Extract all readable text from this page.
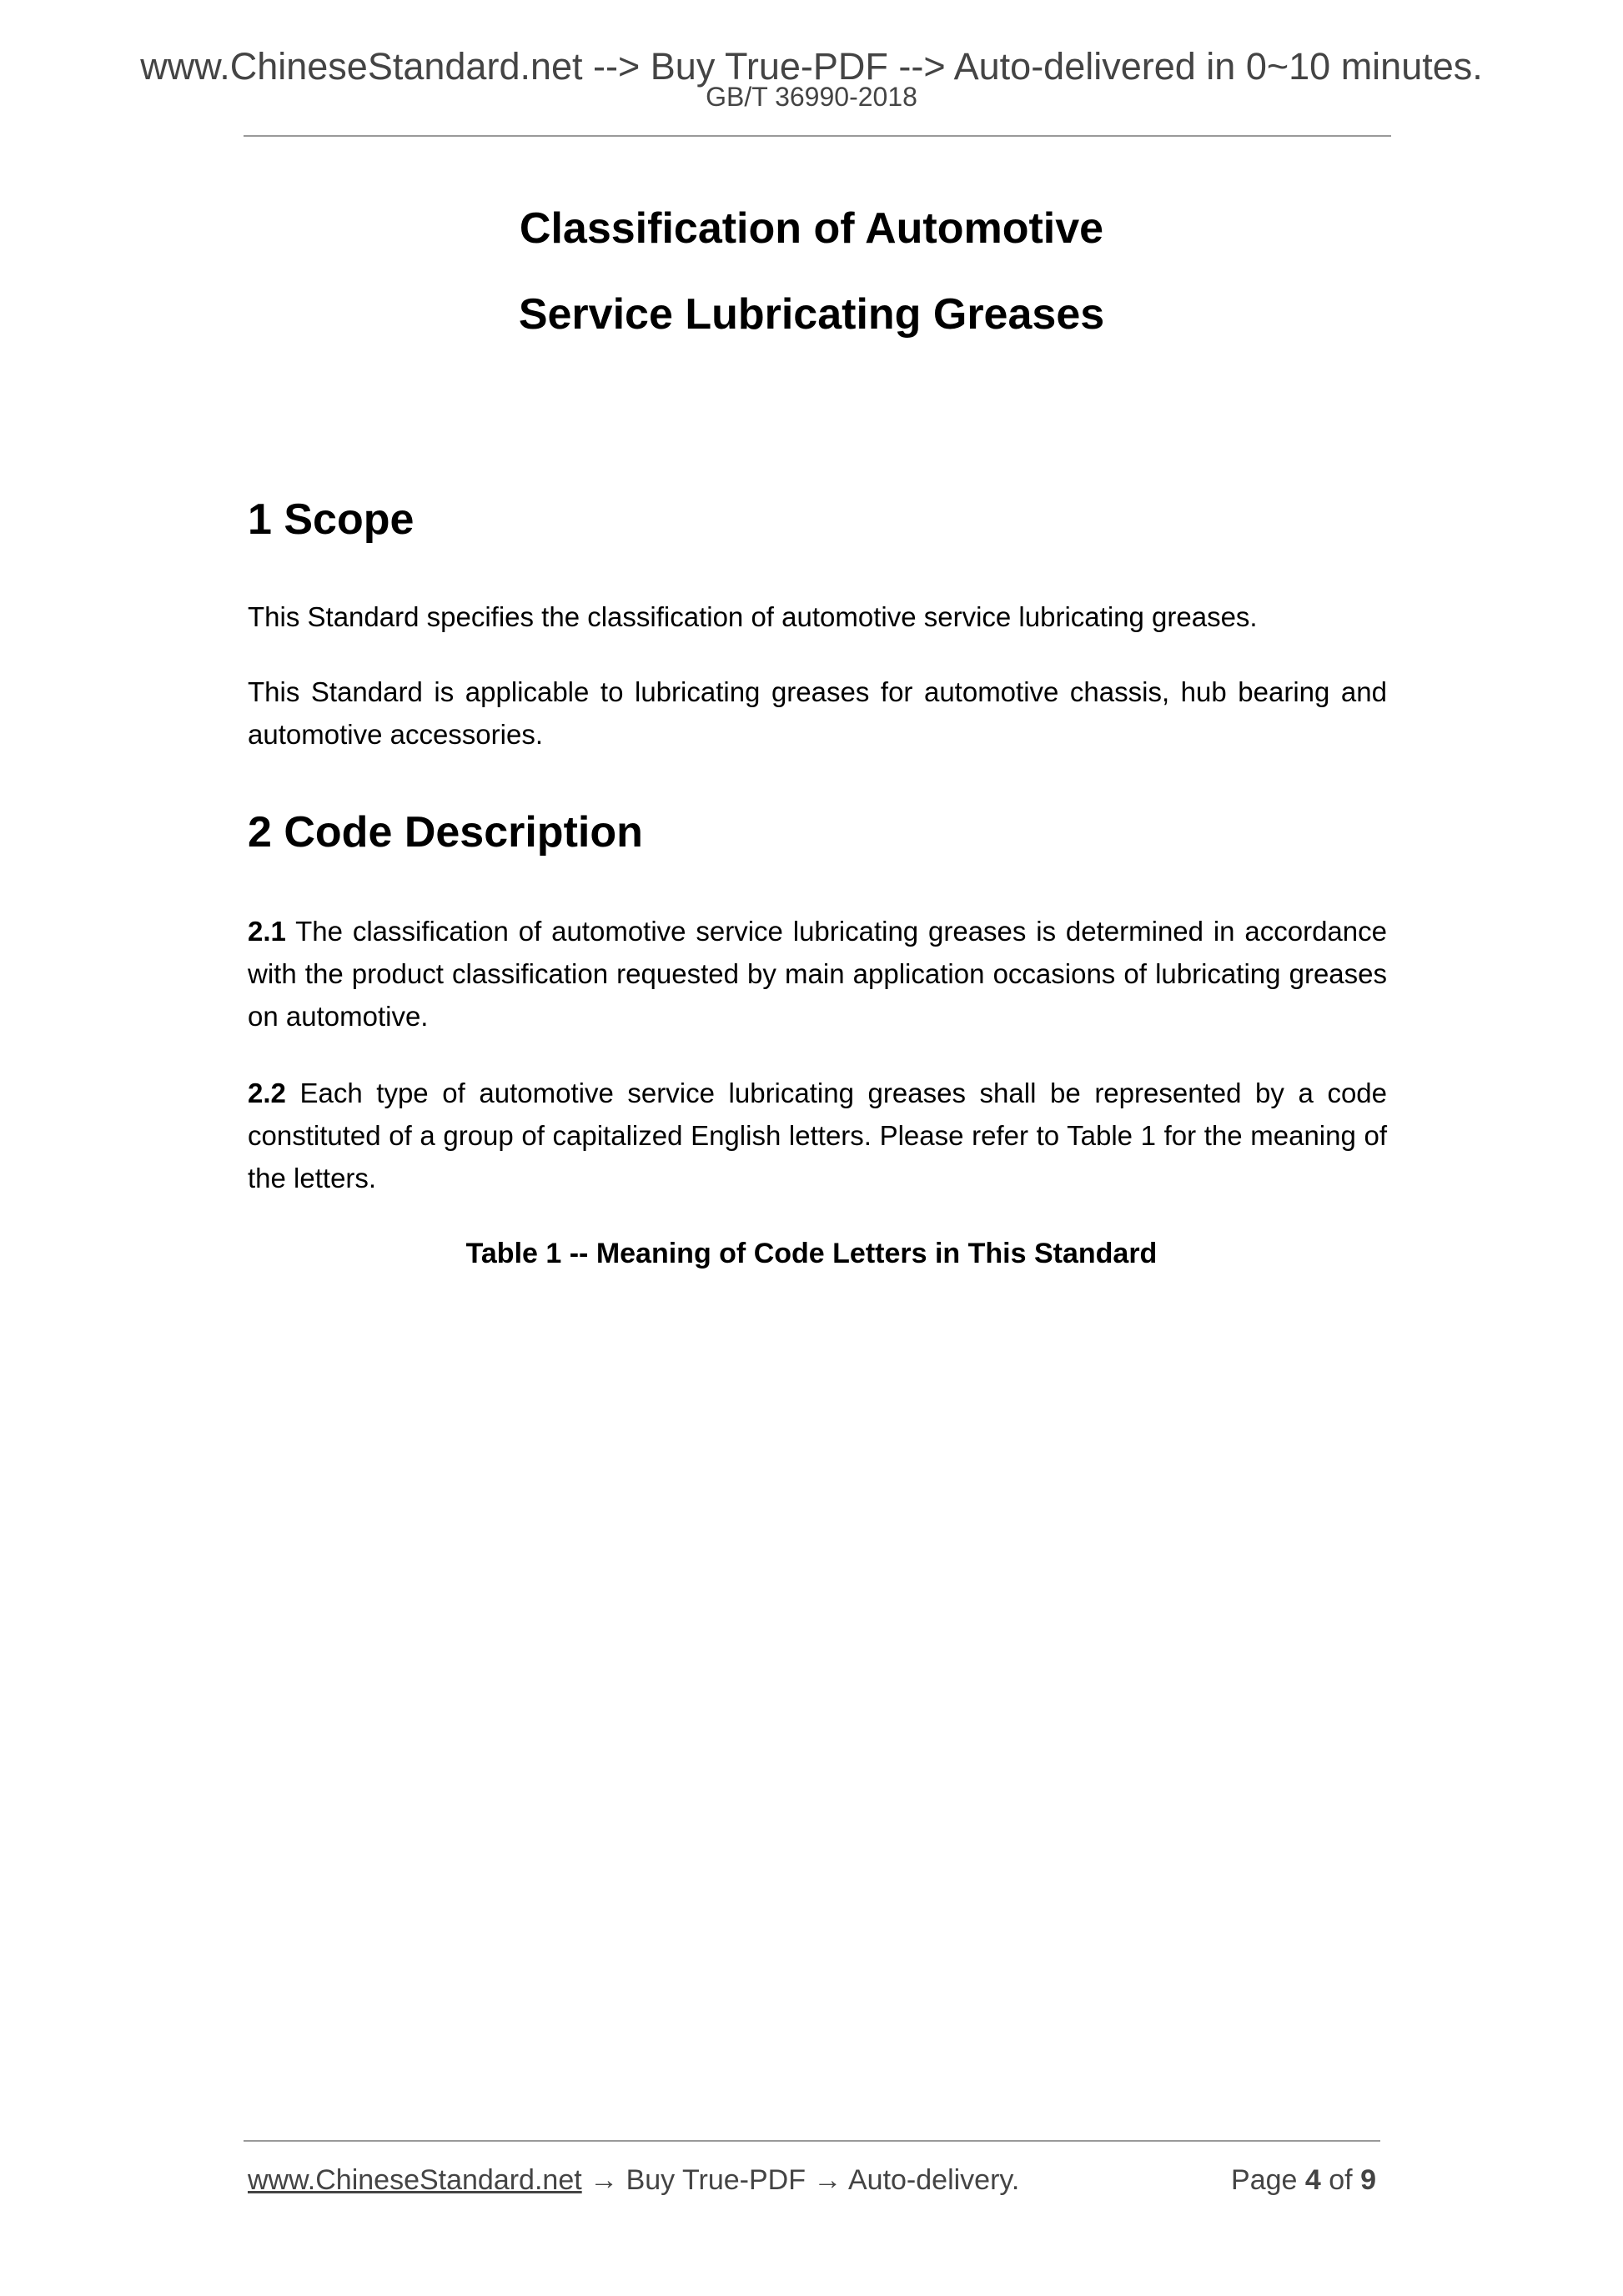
www.ChineseStandard.net --> Buy True-PDF --> Auto-delivered in 0~10 minutes.
GB/T 36990-2018
Classification of Automotive
Service Lubricating Greases
1 Scope
This Standard specifies the classification of automotive service lubricating greases.
This Standard is applicable to lubricating greases for automotive chassis, hub bearing and automotive accessories.
2 Code Description
2.1 The classification of automotive service lubricating greases is determined in accordance with the product classification requested by main application occasions of lubricating greases on automotive.
2.2 Each type of automotive service lubricating greases shall be represented by a code constituted of a group of capitalized English letters. Please refer to Table 1 for the meaning of the letters.
Table 1 -- Meaning of Code Letters in This Standard
www.ChineseStandard.net → Buy True-PDF → Auto-delivery.	Page 4 of 9
